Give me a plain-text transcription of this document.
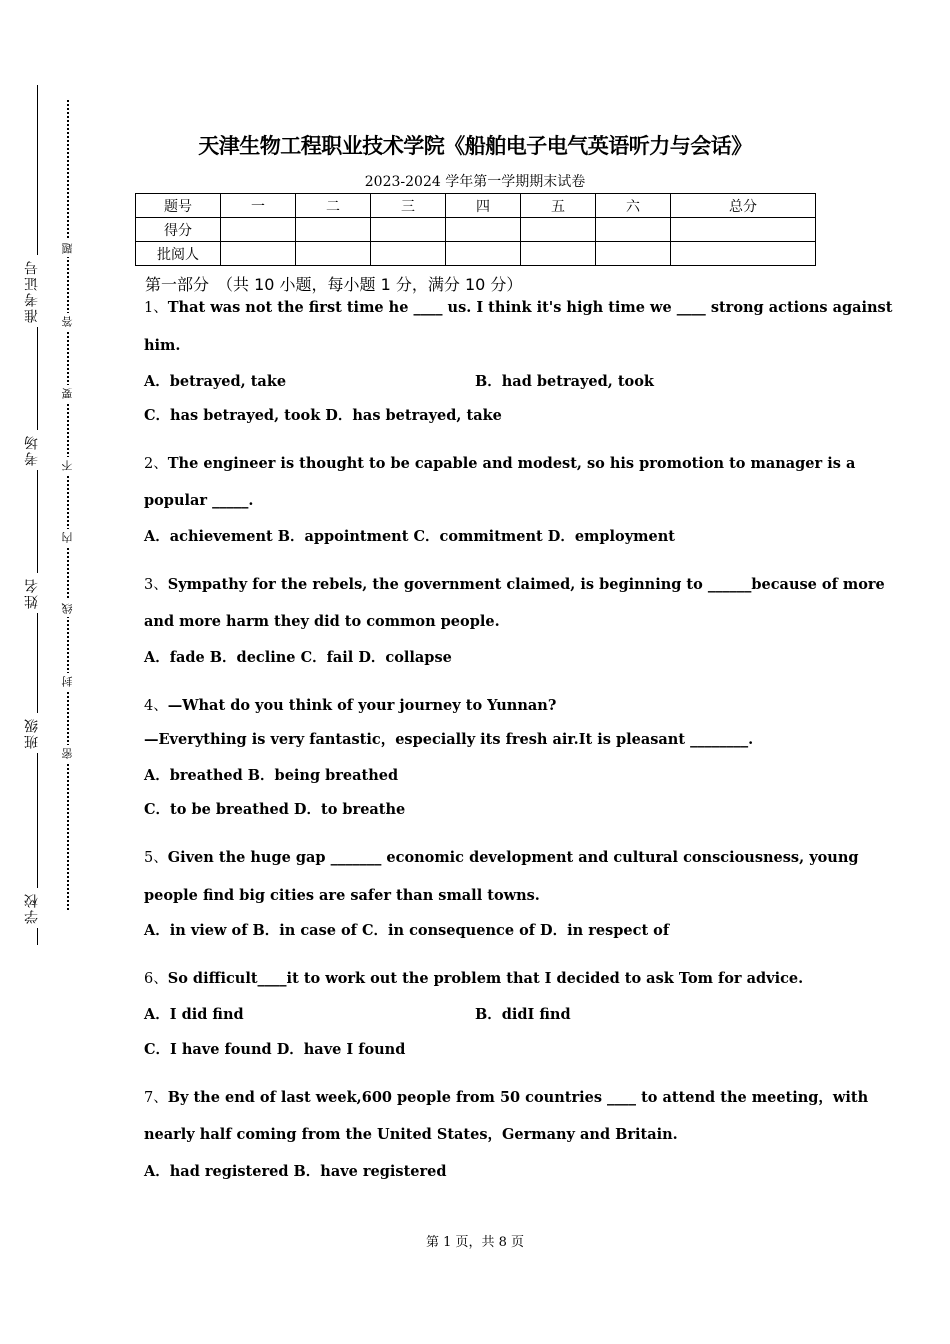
准考证号
考场
姓名
班级
学校
题
答
要
不
内
线
封
密
天津生物工程职业技术学院《船舶电子电气英语听力与会话》
2023-2024 学年第一学期期末试卷
题号	一	二	三	四	五	六	总分
得分							
批阅人							
第一部分　（共 10 小题，每小题 1 分，满分 10 分）
1、That was not the first time he ____ us. I think it's high time we ____ strong actions against
him.
A．betrayed, take	B．had betrayed, took
C．has betrayed, took D．has betrayed, take
2、The engineer is thought to be capable and modest, so his promotion to manager is a
popular _____.
A．achievement B．appointment C．commitment D．employment
3、Sympathy for the rebels, the government claimed, is beginning to ______because of more
and more harm they did to common people.
A．fade B．decline C．fail D．collapse
4、—What do you think of your journey to Yunnan?
—Everything is very fantastic，especially its fresh air.It is pleasant ________.
A．breathed B．being breathed
C．to be breathed D．to breathe
5、Given the huge gap _______ economic development and cultural consciousness, young
people find big cities are safer than small towns.
A．in view of B．in case of C．in consequence of D．in respect of
6、So difficult____it to work out the problem that I decided to ask Tom for advice.
A．I did find	B．didI find
C．I have found D．have I found
7、By the end of last week,600 people from 50 countries ____ to attend the meeting，with
nearly half coming from the United States，Germany and Britain.
A．had registered B．have registered
第 1 页，共 8 页
